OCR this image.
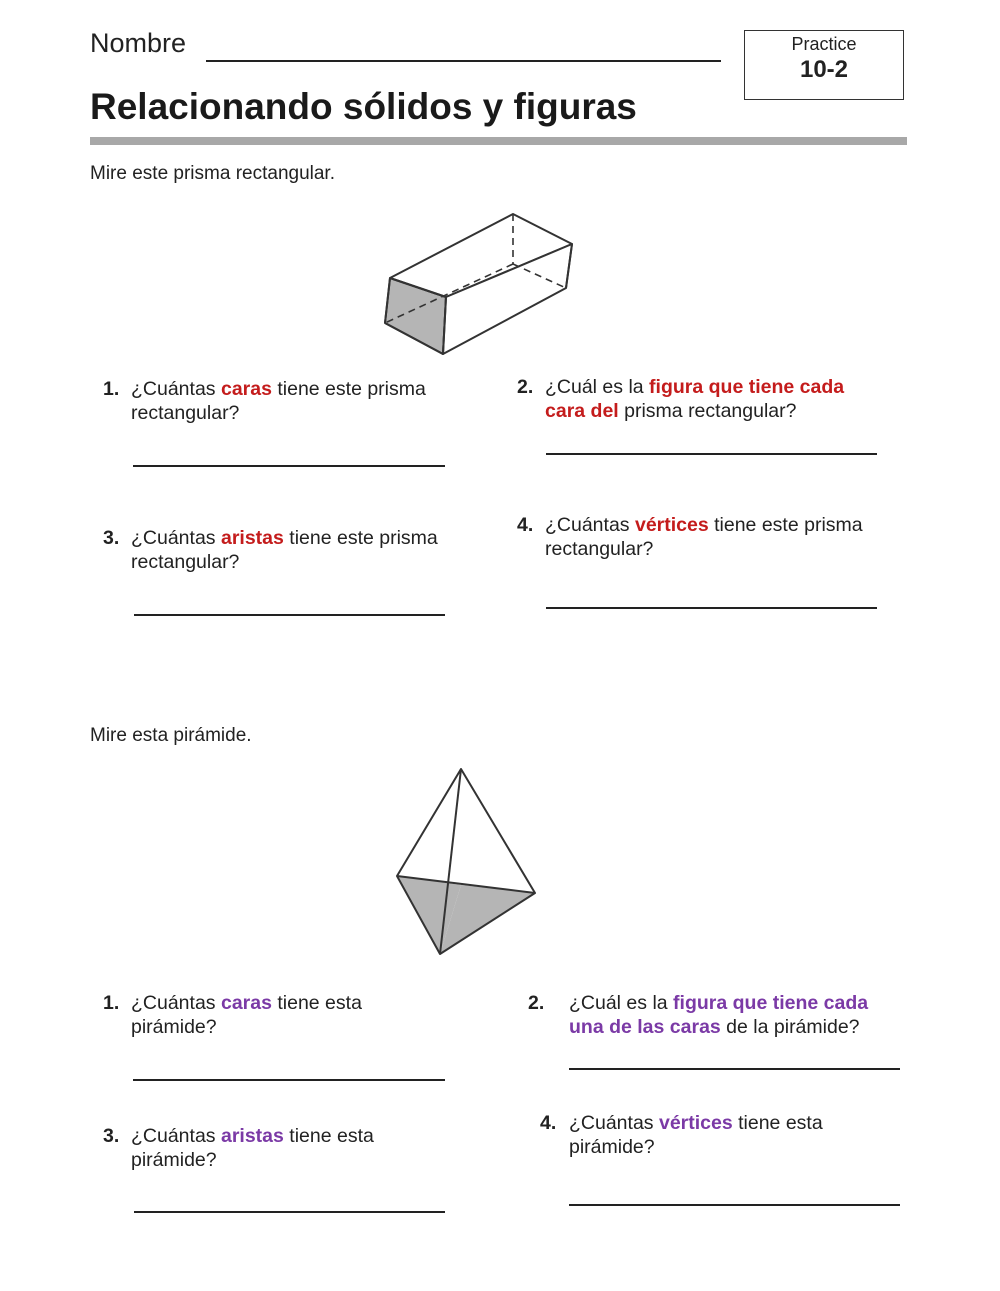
Nombre
Relacionando sólidos y figuras
Practice
10-2
Mire este prisma rectangular.
1. ¿Cuántas caras tiene este prisma rectangular?
2. ¿Cuál es la figura que tiene cada cara del prisma rectangular?
3. ¿Cuántas aristas tiene este prisma rectangular?
4. ¿Cuántas vértices tiene este prisma rectangular?
Mire esta pirámide.
1. ¿Cuántas caras tiene esta pirámide?
2. ¿Cuál es la figura que tiene cada una de las caras de la pirámide?
3. ¿Cuántas aristas tiene esta pirámide?
4. ¿Cuántas vértices tiene esta pirámide?
